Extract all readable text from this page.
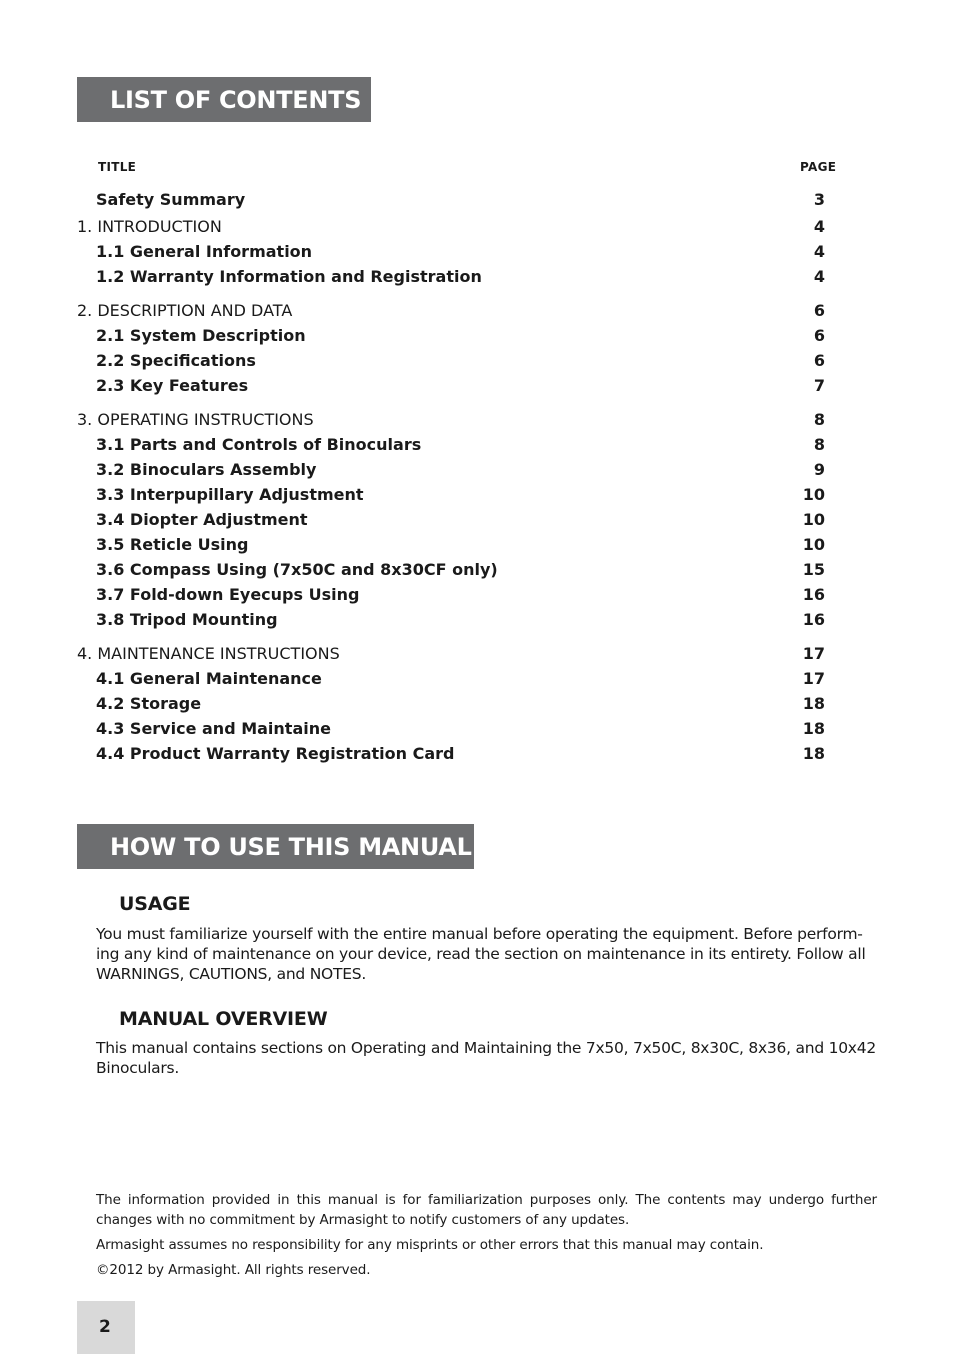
LIST OF CONTENTS
TITLE	PAGE
Safety Summary	3
1. INTRODUCTION	4
1.1 General Information	4
1.2 Warranty Information and Registration	4
2. DESCRIPTION AND DATA	6
2.1 System Description	6
2.2 Specifications	6
2.3 Key Features	7
3. OPERATING INSTRUCTIONS	8
3.1 Parts and Controls of Binoculars	8
3.2 Binoculars Assembly	9
3.3 Interpupillary Adjustment	10
3.4 Diopter Adjustment	10
3.5 Reticle Using	10
3.6 Compass Using (7x50C and 8x30CF only)	15
3.7 Fold-down Eyecups Using	16
3.8 Tripod Mounting	16
4. MAINTENANCE INSTRUCTIONS	17
4.1 General Maintenance	17
4.2 Storage	18
4.3 Service and Maintaine	18
4.4 Product Warranty Registration Card	18
HOW TO USE THIS MANUAL
USAGE
You must familiarize yourself with the entire manual before operating the equipment. Before perform-ing any kind of maintenance on your device, read the section on maintenance in its entirety. Follow all WARNINGS, CAUTIONS, and NOTES.
MANUAL OVERVIEW
This manual contains sections on Operating and Maintaining the 7x50, 7x50C, 8x30C, 8x36, and 10x42 Binoculars.
The information provided in this manual is for familiarization purposes only. The contents may undergo further changes with no commitment by Armasight to notify customers of any updates.
Armasight assumes no responsibility for any misprints or other errors that this manual may contain.
©2012 by Armasight. All rights reserved.
2
